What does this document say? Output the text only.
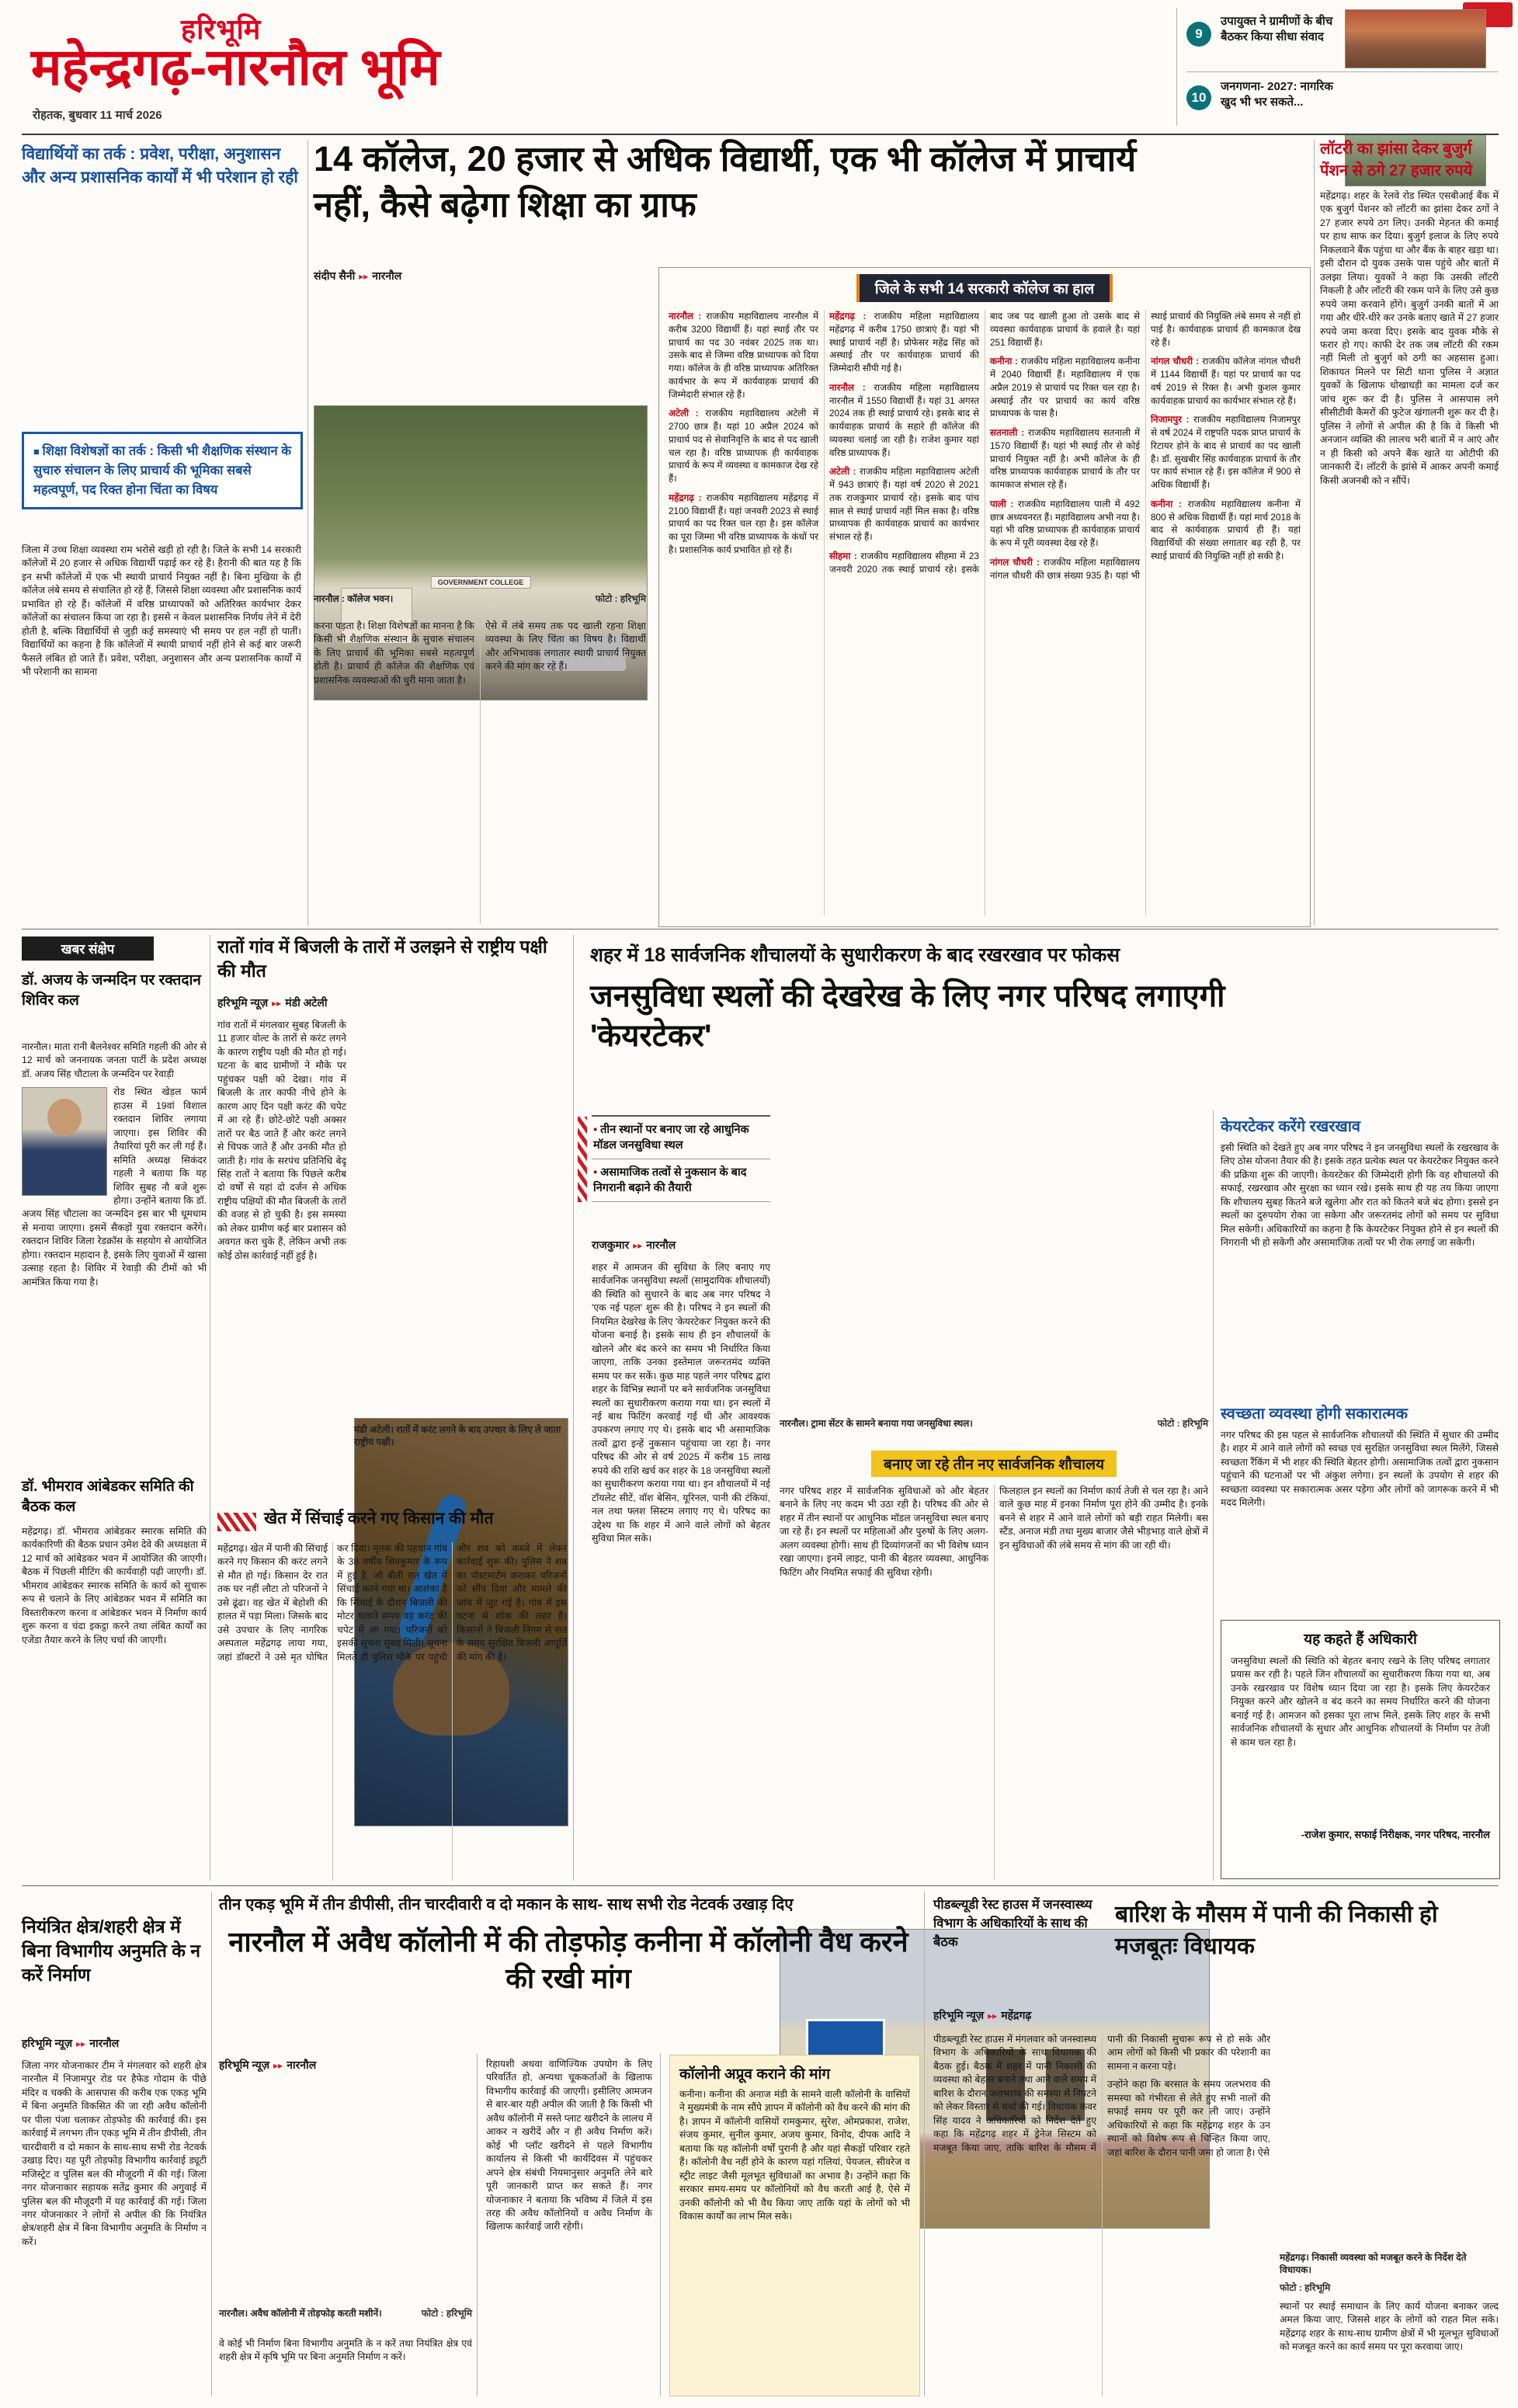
हरिभूमि
महेन्द्रगढ़-नारनौल भूमि
रोहतक, बुधवार 11 मार्च 2026
9
उपायुक्त ने ग्रामीणों के बीच बैठकर किया सीधा संवाद
10
जनगणना- 2027: नागरिक खुद भी भर सकते...
विद्यार्थियों का तर्क : प्रवेश, परीक्षा, अनुशासन और अन्य प्रशासनिक कार्यों में भी परेशान हो रही
■ शिक्षा विशेषज्ञों का तर्क : किसी भी शैक्षणिक संस्थान के सुचारु संचालन के लिए प्राचार्य की भूमिका सबसे महत्वपूर्ण, पद रिक्त होना चिंता का विषय
जिला में उच्च शिक्षा व्यवस्था राम भरोसे खड़ी हो रही है। जिले के सभी 14 सरकारी कॉलेजों में 20 हजार से अधिक विद्यार्थी पढ़ाई कर रहे हैं। हैरानी की बात यह है कि इन सभी कॉलेजों में एक भी स्थायी प्राचार्य नियुक्त नहीं है। बिना मुखिया के ही कॉलेज लंबे समय से संचालित हो रहे हैं, जिससे शिक्षा व्यवस्था और प्रशासनिक कार्य प्रभावित हो रहे हैं। कॉलेजों में वरिष्ठ प्राध्यापकों को अतिरिक्त कार्यभार देकर कॉलेजों का संचालन किया जा रहा है। इससे न केवल प्रशासनिक निर्णय लेने में देरी होती है, बल्कि विद्यार्थियों से जुड़ी कई समस्याएं भी समय पर हल नहीं हो पातीं। विद्यार्थियों का कहना है कि कॉलेजों में स्थायी प्राचार्य नहीं होने से कई बार जरूरी फैसले लंबित हो जाते हैं। प्रवेश, परीक्षा, अनुशासन और अन्य प्रशासनिक कार्यों में भी परेशानी का सामना
14 कॉलेज, 20 हजार से अधिक विद्यार्थी, एक भी कॉलेज में प्राचार्य नहीं, कैसे बढ़ेगा शिक्षा का ग्राफ
संदीप सैनी ▸▸ नारनौल
GOVERNMENT COLLEGE
नारनौल : कॉलेज भवन।	फोटो : हरिभूमि

करना पड़ता है। शिक्षा विशेषज्ञों का मानना है कि किसी भी शैक्षणिक संस्थान के सुचारु संचालन के लिए प्राचार्य की भूमिका सबसे महत्वपूर्ण होती है। प्राचार्य ही कॉलेज की शैक्षणिक एवं प्रशासनिक व्यवस्थाओं की धुरी माना जाता है।

ऐसे में लंबे समय तक पद खाली रहना शिक्षा व्यवस्था के लिए चिंता का विषय है। विद्यार्थी और अभिभावक लगातार स्थायी प्राचार्य नियुक्त करने की मांग कर रहे हैं।

जिले के सभी 14 सरकारी कॉलेज का हाल

नारनौल : राजकीय महाविद्यालय नारनौल में करीब 3200 विद्यार्थी हैं। यहां स्थाई तौर पर प्राचार्य का पद 30 नवंबर 2025 तक था। उसके बाद से जिम्मा वरिष्ठ प्राध्यापक को दिया गया। कॉलेज के ही वरिष्ठ प्राध्यापक अतिरिक्त कार्यभार के रूप में कार्यवाहक प्राचार्य की जिम्मेदारी संभाल रहे हैं।

अटेली : राजकीय महाविद्यालय अटेली में 2700 छात्र हैं। यहां 10 अप्रैल 2024 को प्राचार्य पद से सेवानिवृत्ति के बाद से पद खाली चल रहा है। वरिष्ठ प्राध्यापक ही कार्यवाहक प्राचार्य के रूप में व्यवस्था व कामकाज देख रहे हैं।

महेंद्रगढ़ : राजकीय महाविद्यालय महेंद्रगढ़ में 2100 विद्यार्थी हैं। यहां जनवरी 2023 से स्थाई प्राचार्य का पद रिक्त चल रहा है। इस कॉलेज का पूरा जिम्मा भी वरिष्ठ प्राध्यापक के कंधों पर है। प्रशासनिक कार्य प्रभावित हो रहे हैं।

महेंद्रगढ़ : राजकीय महिला महाविद्यालय महेंद्रगढ़ में करीब 1750 छात्राएं हैं। यहां भी स्थाई प्राचार्य नहीं है। प्रोफेसर महेंद्र सिंह को अस्थाई तौर पर कार्यवाहक प्राचार्य की जिम्मेदारी सौंपी गई है।

नारनौल : राजकीय महिला महाविद्यालय नारनौल में 1550 विद्यार्थी हैं। यहां 31 अगस्त 2024 तक ही स्थाई प्राचार्य रहे। इसके बाद से कार्यवाहक प्राचार्य के सहारे ही कॉलेज की व्यवस्था चलाई जा रही है। राजेश कुमार यहां वरिष्ठ प्राध्यापक हैं।

अटेली : राजकीय महिला महाविद्यालय अटेली में 943 छात्राएं हैं। यहां वर्ष 2020 से 2021 तक राजकुमार प्राचार्य रहे। इसके बाद पांच साल से स्थाई प्राचार्य नहीं मिल सका है। वरिष्ठ प्राध्यापक ही कार्यवाहक प्राचार्य का कार्यभार संभाल रहे हैं।

सीहमा : राजकीय महाविद्यालय सीहमा में 23 जनवरी 2020 तक स्थाई प्राचार्य रहे। इसके बाद जब पद खाली हुआ तो उसके बाद से व्यवस्था कार्यवाहक प्राचार्य के हवाले है। यहां 251 विद्यार्थी हैं।

कनीना : राजकीय महिला महाविद्यालय कनीना में 2040 विद्यार्थी हैं। महाविद्यालय में एक अप्रैल 2019 से प्राचार्य पद रिक्त चल रहा है। अस्थाई तौर पर प्राचार्य का कार्य वरिष्ठ प्राध्यापक के पास है।

सतनाली : राजकीय महाविद्यालय सतनाली में 1570 विद्यार्थी हैं। यहां भी स्थाई तौर से कोई प्राचार्य नियुक्त नहीं है। अभी कॉलेज के ही वरिष्ठ प्राध्यापक कार्यवाहक प्राचार्य के तौर पर कामकाज संभाल रहे हैं।

पाली : राजकीय महाविद्यालय पाली में 492 छात्र अध्ययनरत हैं। महाविद्यालय अभी नया है। यहां भी वरिष्ठ प्राध्यापक ही कार्यवाहक प्राचार्य के रूप में पूरी व्यवस्था देख रहे हैं।

नांगल चौधरी : राजकीय महिला महाविद्यालय नांगल चौधरी की छात्र संख्या 935 है। यहां भी स्थाई प्राचार्य की नियुक्ति लंबे समय से नहीं हो पाई है। कार्यवाहक प्राचार्य ही कामकाज देख रहे हैं।

नांगल चौधरी : राजकीय कॉलेज नांगल चौधरी में 1144 विद्यार्थी हैं। यहां पर प्राचार्य का पद वर्ष 2019 से रिक्त है। अभी कुशल कुमार कार्यवाहक प्राचार्य का कार्यभार संभाल रहे हैं।

निजामपुर : राजकीय महाविद्यालय निजामपुर से वर्ष 2024 में राष्ट्रपति पदक प्राप्त प्राचार्य के रिटायर होने के बाद से प्राचार्य का पद खाली है। डॉ. सुखबीर सिंह कार्यवाहक प्राचार्य के तौर पर कार्य संभाल रहे हैं। इस कॉलेज में 900 से अधिक विद्यार्थी हैं।

कनीना : राजकीय महाविद्यालय कनीना में 800 से अधिक विद्यार्थी हैं। यहां मार्च 2018 के बाद से कार्यवाहक प्राचार्य ही हैं। यहां विद्यार्थियों की संख्या लगातार बढ़ रही है, पर स्थाई प्राचार्य की नियुक्ति नहीं हो सकी है।

लॉटरी का झांसा देकर बुजुर्ग पेंशन से ठगे 27 हजार रुपये
महेंद्रगढ़। शहर के रेलवे रोड स्थित एसबीआई बैंक में एक बुजुर्ग पेंशनर को लॉटरी का झांसा देकर ठगों ने 27 हजार रुपये ठग लिए। उनकी मेहनत की कमाई पर हाथ साफ कर दिया। बुजुर्ग इलाज के लिए रुपये निकलवाने बैंक पहुंचा था और बैंक के बाहर खड़ा था। इसी दौरान दो युवक उसके पास पहुंचे और बातों में उलझा लिया। युवकों ने कहा कि उसकी लॉटरी निकली है और लॉटरी की रकम पाने के लिए उसे कुछ रुपये जमा करवाने होंगे। बुजुर्ग उनकी बातों में आ गया और धीरे-धीरे कर उनके बताए खाते में 27 हजार रुपये जमा करवा दिए। इसके बाद युवक मौके से फरार हो गए। काफी देर तक जब लॉटरी की रकम नहीं मिली तो बुजुर्ग को ठगी का अहसास हुआ। शिकायत मिलने पर सिटी थाना पुलिस ने अज्ञात युवकों के खिलाफ धोखाधड़ी का मामला दर्ज कर जांच शुरू कर दी है। पुलिस ने आसपास लगे सीसीटीवी कैमरों की फुटेज खंगालनी शुरू कर दी है। पुलिस ने लोगों से अपील की है कि वे किसी भी अनजान व्यक्ति की लालच भरी बातों में न आएं और न ही किसी को अपने बैंक खाते या ओटीपी की जानकारी दें। लॉटरी के झांसे में आकर अपनी कमाई किसी अजनबी को न सौंपें।
खबर संक्षेप
डॉ. अजय के जन्मदिन पर रक्तदान शिविर कल

नारनौल। माता रानी बैलनेश्वर समिति गहली की ओर से 12 मार्च को जननायक जनता पार्टी के प्रदेश अध्यक्ष डॉ. अजय सिंह चौटाला के जन्मदिन पर रेवाड़ी

रोड स्थित खेड़ल फार्म हाउस में 19वां विशाल रक्तदान शिविर लगाया जाएगा। इस शिविर की तैयारियां पूरी कर ली गई हैं। समिति अध्यक्ष सिकंदर गहली ने बताया कि यह शिविर सुबह नौ बजे शुरू होगा। उन्होंने बताया कि डॉ. अजय सिंह चौटाला का जन्मदिन इस बार भी धूमधाम से मनाया जाएगा। इसमें सैकड़ों युवा रक्तदान करेंगे। रक्तदान शिविर जिला रेडक्रॉस के सहयोग से आयोजित होगा। रक्तदान महादान है, इसके लिए युवाओं में खासा उत्साह रहता है। शिविर में रेवाड़ी की टीमों को भी आमंत्रित किया गया है।

डॉ. भीमराव आंबेडकर समिति की बैठक कल
महेंद्रगढ़। डॉ. भीमराव आंबेडकर स्मारक समिति की कार्यकारिणी की बैठक प्रधान उमेश देवे की अध्यक्षता में 12 मार्च को आंबेडकर भवन में आयोजित की जाएगी। बैठक में पिछली मीटिंग की कार्यवाही पढ़ी जाएगी। डॉ. भीमराव आंबेडकर स्मारक समिति के कार्य को सुचारू रूप से चलाने के लिए आंबेडकर भवन में समिति का विस्तारीकरण करना व आंबेडकर भवन में निर्माण कार्य शुरू करना व चंदा इकट्ठा करने तथा लंबित कार्यों का एजेंडा तैयार करने के लिए चर्चा की जाएगी।
रातों गांव में बिजली के तारों में उलझने से राष्ट्रीय पक्षी की मौत
हरिभूमि न्यूज़ ▸▸ मंडी अटेली
गांव रातों में मंगलवार सुबह बिजली के 11 हजार वोल्ट के तारों से करंट लगने के कारण राष्ट्रीय पक्षी की मौत हो गई। घटना के बाद ग्रामीणों ने मौके पर पहुंचकर पक्षी को देखा। गांव में बिजली के तार काफी नीचे होने के कारण आए दिन पक्षी करंट की चपेट में आ रहे हैं। छोटे-छोटे पक्षी अक्सर तारों पर बैठ जाते हैं और करंट लगने से चिपक जाते हैं और उनकी मौत हो जाती है। गांव के सरपंच प्रतिनिधि बेदू सिंह रातों ने बताया कि पिछले करीब दो वर्षों से यहां दो दर्जन से अधिक राष्ट्रीय पक्षियों की मौत बिजली के तारों की वजह से हो चुकी है। इस समस्या को लेकर ग्रामीण कई बार प्रशासन को अवगत करा चुके हैं, लेकिन अभी तक कोई ठोस कार्रवाई नहीं हुई है।
मंडी अटेली। रातों में करंट लगने के बाद उपचार के लिए ले जाता राष्ट्रीय पक्षी।
खेत में सिंचाई करने गए किसान की मौत
महेंद्रगढ़। खेत में पानी की सिंचाई करने गए किसान की करंट लगने से मौत हो गई। किसान देर रात तक घर नहीं लौटा तो परिजनों ने उसे ढूंढा। वह खेत में बेहोशी की हालत में पड़ा मिला। जिसके बाद उसे उपचार के लिए नागरिक अस्पताल महेंद्रगढ़ लाया गया, जहां डॉक्टरों ने उसे मृत घोषित कर दिया। मृतक की पहचान गांव के 38 वर्षीय शिवकुमार के रूप में हुई है, जो बीती रात खेत में सिंचाई करने गया था। आशंका है कि सिंचाई के दौरान बिजली की मोटर चलाते समय वह करंट की चपेट में आ गया। परिजनों को इसकी सूचना सुबह मिली। सूचना मिलते ही पुलिस मौके पर पहुंची और शव को कब्जे में लेकर कार्रवाई शुरू की। पुलिस ने शव का पोस्टमार्टम कराकर परिजनों को सौंप दिया और मामले की जांच में जुट गई है। गांव में इस घटना से शोक की लहर है। किसानों ने बिजली निगम से रात के समय सुरक्षित बिजली आपूर्ति की मांग की है।
शहर में 18 सार्वजनिक शौचालयों के सुधारीकरण के बाद रखरखाव पर फोकस
जनसुविधा स्थलों की देखरेख के लिए नगर परिषद लगाएगी 'केयरटेकर'
▪ तीन स्थानों पर बनाए जा रहे आधुनिक मॉडल जनसुविधा स्थल
▪ असामाजिक तत्वों से नुकसान के बाद निगरानी बढ़ाने की तैयारी
राजकुमार ▸▸ नारनौल
शहर में आमजन की सुविधा के लिए बनाए गए सार्वजनिक जनसुविधा स्थलों (सामुदायिक शौचालयों) की स्थिति को सुधारने के बाद अब नगर परिषद ने 'एक नई पहल' शुरू की है। परिषद ने इन स्थलों की नियमित देखरेख के लिए 'केयरटेकर' नियुक्त करने की योजना बनाई है। इसके साथ ही इन शौचालयों के खोलने और बंद करने का समय भी निर्धारित किया जाएगा, ताकि उनका इस्तेमाल जरूरतमंद व्यक्ति समय पर कर सकें। कुछ माह पहले नगर परिषद द्वारा शहर के विभिन्न स्थानों पर बने सार्वजनिक जनसुविधा स्थलों का सुधारीकरण कराया गया था। इन स्थलों में नई बाथ फिटिंग करवाई गई थी और आवश्यक उपकरण लगाए गए थे। इसके बाद भी असामाजिक तत्वों द्वारा इन्हें नुकसान पहुंचाया जा रहा है। नगर परिषद की ओर से वर्ष 2025 में करीब 15 लाख रुपये की राशि खर्च कर शहर के 18 जनसुविधा स्थलों का सुधारीकरण कराया गया था। इन शौचालयों में नई टॉयलेट सीटें, वॉश बेसिन, यूरिनल, पानी की टंकियां, नल तथा फ्लश सिस्टम लगाए गए थे। परिषद का उद्देश्य था कि शहर में आने वाले लोगों को बेहतर सुविधा मिल सके।
नारनौल। ट्रामा सेंटर के सामने बनाया गया जनसुविधा स्थल।	फोटो : हरिभूमि
केयरटेकर करेंगे रखरखाव
इसी स्थिति को देखते हुए अब नगर परिषद ने इन जनसुविधा स्थलों के रखरखाव के लिए ठोस योजना तैयार की है। इसके तहत प्रत्येक स्थल पर केयरटेकर नियुक्त करने की प्रक्रिया शुरू की जाएगी। केयरटेकर की जिम्मेदारी होगी कि वह शौचालयों की सफाई, रखरखाव और सुरक्षा का ध्यान रखे। इसके साथ ही यह तय किया जाएगा कि शौचालय सुबह कितने बजे खुलेगा और रात को कितने बजे बंद होगा। इससे इन स्थलों का दुरुपयोग रोका जा सकेगा और जरूरतमंद लोगों को समय पर सुविधा मिल सकेगी। अधिकारियों का कहना है कि केयरटेकर नियुक्त होने से इन स्थलों की निगरानी भी हो सकेगी और असामाजिक तत्वों पर भी रोक लगाई जा सकेगी।
स्वच्छता व्यवस्था होगी सकारात्मक
नगर परिषद की इस पहल से सार्वजनिक शौचालयों की स्थिति में सुधार की उम्मीद है। शहर में आने वाले लोगों को स्वच्छ एवं सुरक्षित जनसुविधा स्थल मिलेंगे, जिससे स्वच्छता रैंकिंग में भी शहर की स्थिति बेहतर होगी। असामाजिक तत्वों द्वारा नुकसान पहुंचाने की घटनाओं पर भी अंकुश लगेगा। इन स्थलों के उपयोग से शहर की स्वच्छता व्यवस्था पर सकारात्मक असर पड़ेगा और लोगों को जागरूक करने में भी मदद मिलेगी।
बनाए जा रहे तीन नए सार्वजनिक शौचालय

नगर परिषद शहर में सार्वजनिक सुविधाओं को और बेहतर बनाने के लिए नए कदम भी उठा रही है। परिषद की ओर से शहर में तीन स्थानों पर आधुनिक मॉडल जनसुविधा स्थल बनाए जा रहे हैं। इन स्थलों पर महिलाओं और पुरुषों के लिए अलग-अलग व्यवस्था होगी। साथ ही दिव्यांगजनों का भी विशेष ध्यान रखा जाएगा। इनमें लाइट, पानी की बेहतर व्यवस्था, आधुनिक फिटिंग और नियमित सफाई की सुविधा रहेगी।

फिलहाल इन स्थलों का निर्माण कार्य तेजी से चल रहा है। आने वाले कुछ माह में इनका निर्माण पूरा होने की उम्मीद है। इनके बनने से शहर में आने वाले लोगों को बड़ी राहत मिलेगी। बस स्टैंड, अनाज मंडी तथा मुख्य बाजार जैसे भीड़भाड़ वाले क्षेत्रों में इन सुविधाओं की लंबे समय से मांग की जा रही थी।

यह कहते हैं अधिकारी
जनसुविधा स्थलों की स्थिति को बेहतर बनाए रखने के लिए परिषद लगातार प्रयास कर रही है। पहले जिन शौचालयों का सुधारीकरण किया गया था, अब उनके रखरखाव पर विशेष ध्यान दिया जा रहा है। इसके लिए केयरटेकर नियुक्त करने और खोलने व बंद करने का समय निर्धारित करने की योजना बनाई गई है। आमजन को इसका पूरा लाभ मिले, इसके लिए शहर के सभी सार्वजनिक शौचालयों के सुधार और आधुनिक शौचालयों के निर्माण पर तेजी से काम चल रहा है।
-राजेश कुमार, सफाई निरीक्षक, नगर परिषद, नारनौल
नियंत्रित क्षेत्र/शहरी क्षेत्र में बिना विभागीय अनुमति के न करें निर्माण
हरिभूमि न्यूज़ ▸▸ नारनौल
जिला नगर योजनाकार टीम ने मंगलवार को शहरी क्षेत्र नारनौल में निजामपुर रोड पर हैफेड गोदाम के पीछे मंदिर व चक्की के आसपास की करीब एक एकड़ भूमि में बिना अनुमति विकसित की जा रही अवैध कॉलोनी पर पीला पंजा चलाकर तोड़फोड़ की कार्रवाई की। इस कार्रवाई में लगभग तीन एकड़ भूमि में तीन डीपीसी, तीन चारदीवारी व दो मकान के साथ-साथ सभी रोड नेटवर्क उखाड़ दिए। यह पूरी तोड़फोड़ विभागीय कार्रवाई ड्यूटी मजिस्ट्रेट व पुलिस बल की मौजूदगी में की गई। जिला नगर योजनाकार सहायक सतेंद्र कुमार की अगुवाई में पुलिस बल की मौजूदगी में यह कार्रवाई की गई। जिला नगर योजनाकार ने लोगों से अपील की कि नियंत्रित क्षेत्र/शहरी क्षेत्र में बिना विभागीय अनुमति के निर्माण न करें।
तीन एकड़ भूमि में तीन डीपीसी, तीन चारदीवारी व दो मकान के साथ- साथ सभी रोड नेटवर्क उखाड़ दिए
नारनौल में अवैध कॉलोनी में की तोड़फोड़ कनीना में कॉलोनी वैध करने की रखी मांग
हरिभूमि न्यूज़ ▸▸ नारनौल
नारनौल। अवैध कॉलोनी में तोड़फोड़ करती मशीनें।	फोटो : हरिभूमि
वे कोई भी निर्माण बिना विभागीय अनुमति के न करें तथा नियंत्रित क्षेत्र एवं शहरी क्षेत्र में कृषि भूमि पर बिना अनुमति निर्माण न करें।
रिहायशी अथवा वाणिज्यिक उपयोग के लिए परिवर्तित हो, अन्यथा चूककर्ताओं के खिलाफ विभागीय कार्रवाई की जाएगी। इसीलिए आमजन से बार-बार यही अपील की जाती है कि किसी भी अवैध कॉलोनी में सस्ते प्लाट खरीदने के लालच में आकर न खरीदें और न ही अवैध निर्माण करें। कोई भी प्लॉट खरीदने से पहले विभागीय कार्यालय से किसी भी कार्यदिवस में पहुंचकर अपने क्षेत्र संबंधी नियमानुसार अनुमति लेने बारे पूरी जानकारी प्राप्त कर सकते हैं। नगर योजनाकार ने बताया कि भविष्य में जिले में इस तरह की अवैध कॉलोनियों व अवैध निर्माण के खिलाफ कार्रवाई जारी रहेगी।
कॉलोनी अप्रूव कराने की मांग
कनीना। कनीना की अनाज मंडी के सामने वाली कॉलोनी के वासियों ने मुख्यमंत्री के नाम सौंपे ज्ञापन में कॉलोनी को वैध करने की मांग की है। ज्ञापन में कॉलोनी वासियों रामकुमार, सुरेश, ओमप्रकाश, राजेश, संजय कुमार, सुनील कुमार, अजय कुमार, विनोद, दीपक आदि ने बताया कि यह कॉलोनी वर्षों पुरानी है और यहां सैकड़ों परिवार रहते हैं। कॉलोनी वैध नहीं होने के कारण यहां गलियां, पेयजल, सीवरेज व स्ट्रीट लाइट जैसी मूलभूत सुविधाओं का अभाव है। उन्होंने कहा कि सरकार समय-समय पर कॉलोनियों को वैध करती आई है, ऐसे में उनकी कॉलोनी को भी वैध किया जाए ताकि यहां के लोगों को भी विकास कार्यों का लाभ मिल सके।
पीडब्ल्यूडी रेस्ट हाउस में जनस्वास्थ्य विभाग के अधिकारियों के साथ की बैठक
बारिश के मौसम में पानी की निकासी हो मजबूतः विधायक
हरिभूमि न्यूज़ ▸▸ महेंद्रगढ़

पीडब्ल्यूडी रेस्ट हाउस में मंगलवार को जनस्वास्थ्य विभाग के अधिकारियों के साथ विधायक की बैठक हुई। बैठक में शहर में पानी निकासी की व्यवस्था को बेहतर बनाने तथा आने वाले समय में बारिश के दौरान जलभराव की समस्या से निपटने को लेकर विस्तार से चर्चा की गई। विधायक कंवर सिंह यादव ने अधिकारियों को निर्देश देते हुए कहा कि महेंद्रगढ़ शहर में ड्रेनेज सिस्टम को मजबूत किया जाए, ताकि बारिश के मौसम में पानी की निकासी सुचारू रूप से हो सके और आम लोगों को किसी भी प्रकार की परेशानी का सामना न करना पड़े।

उन्होंने कहा कि बरसात के समय जलभराव की समस्या को गंभीरता से लेते हुए सभी नालों की सफाई समय पर पूरी कर ली जाए। उन्होंने अधिकारियों से कहा कि महेंद्रगढ़ शहर के उन स्थानों को विशेष रूप से चिन्हित किया जाए, जहां बारिश के दौरान पानी जमा हो जाता है। ऐसे

महेंद्रगढ़। निकासी व्यवस्था को मजबूत करने के निर्देश देते विधायक।
फोटो : हरिभूमि
स्थानों पर स्थाई समाधान के लिए कार्य योजना बनाकर जल्द अमल किया जाए, जिससे शहर के लोगों को राहत मिल सके। महेंद्रगढ़ शहर के साथ-साथ ग्रामीण क्षेत्रों में भी मूलभूत सुविधाओं को मजबूत करने का कार्य समय पर पूरा करवाया जाए।
